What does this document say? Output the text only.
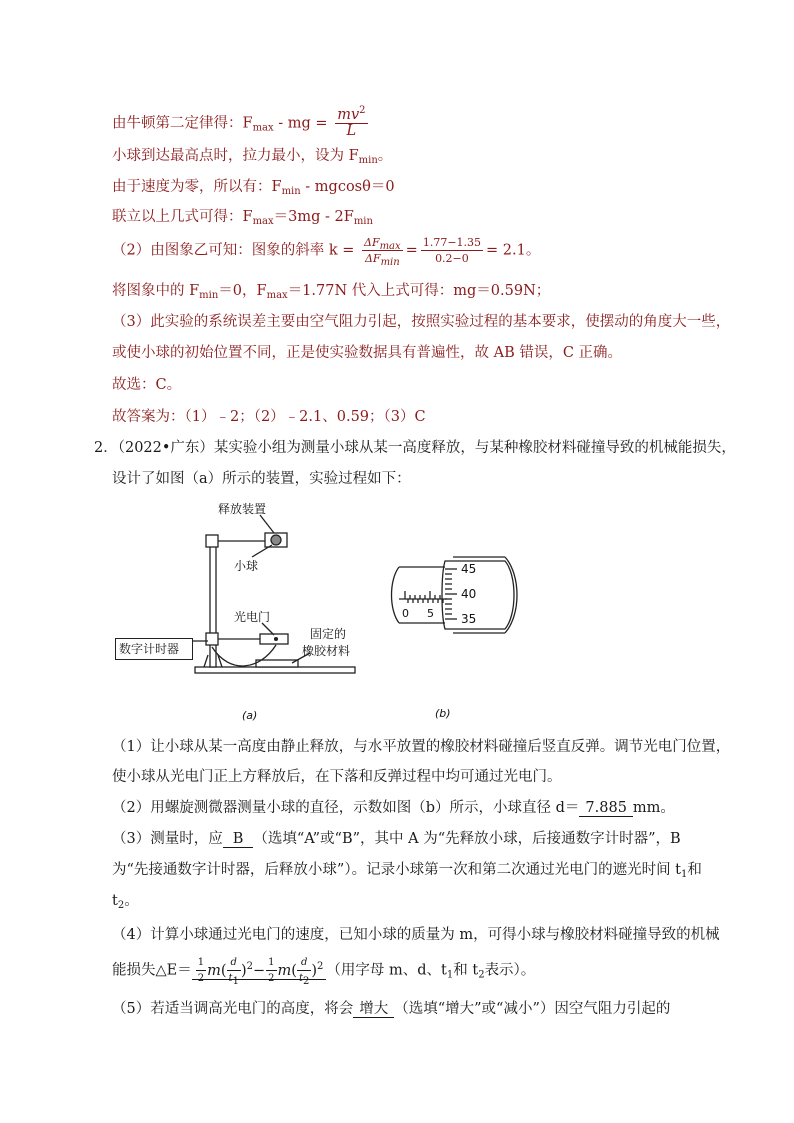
由牛顿第二定律得：$F_{max}$ - mg = $\frac{mv^2}{L}$
小球到达最高点时，拉力最小，设为 $F_{min}$。
由于速度为零，所以有：$F_{min} - mgcos\theta=0$
联立以上几式可得：$F_{max}=3mg - 2F_{min}$
（2）由图象乙可知：图象的斜率 $k = \frac{\Delta F_{max}}{\Delta F_{min}} = \frac{1.77-1.35}{0.2-0} = 2.1$。
将图象中的 $F_{min}=0$，$F_{max}=1.77N$ 代入上式可得：mg＝0.59N；
（3）此实验的系统误差主要由空气阻力引起，按照实验过程的基本要求，使摆动的角度大一些，
或使小球的初始位置不同，正是使实验数据具有普遍性，故 AB 错误，C 正确。
故选：C。
故答案为：（1）﹣2；（2）﹣2.1、0.59；（3）C
2．（2022•广东）某实验小组为测量小球从某一高度释放，与某种橡胶材料碰撞导致的机械能损失，
设计了如图（a）所示的装置，实验过程如下：
释放装置
小球
光电门
固定的
橡胶材料
(a)
数字计时器
45
40
35
0 5
(b)
（1）让小球从某一高度由静止释放，与水平放置的橡胶材料碰撞后竖直反弹。调节光电门位置，
使小球从光电门正上方释放后，在下落和反弹过程中均可通过光电门。
（2）用螺旋测微器测量小球的直径，示数如图（b）所示，小球直径 d＝ 7.885 mm。
（3）测量时，应 B （选填“A”或“B”，其中 A 为“先释放小球，后接通数字计时器”，B
为“先接通数字计时器，后释放小球”）。记录小球第一次和第二次通过光电门的遮光时间 $t_1$和
$t_2$。
（4）计算小球通过光电门的速度，已知小球的质量为 m，可得小球与橡胶材料碰撞导致的机械
能损失△E＝ $\frac{1}{2} m( \frac{d}{t_1} )^2- \frac{1}{2} m( \frac{d}{t_2} )^2$ （用字母 m、d、$t_1$和 $t_2$表示）。
（5）若适当调高光电门的高度，将会 增大 （选填“增大”或“减小”）因空气阻力引起的
